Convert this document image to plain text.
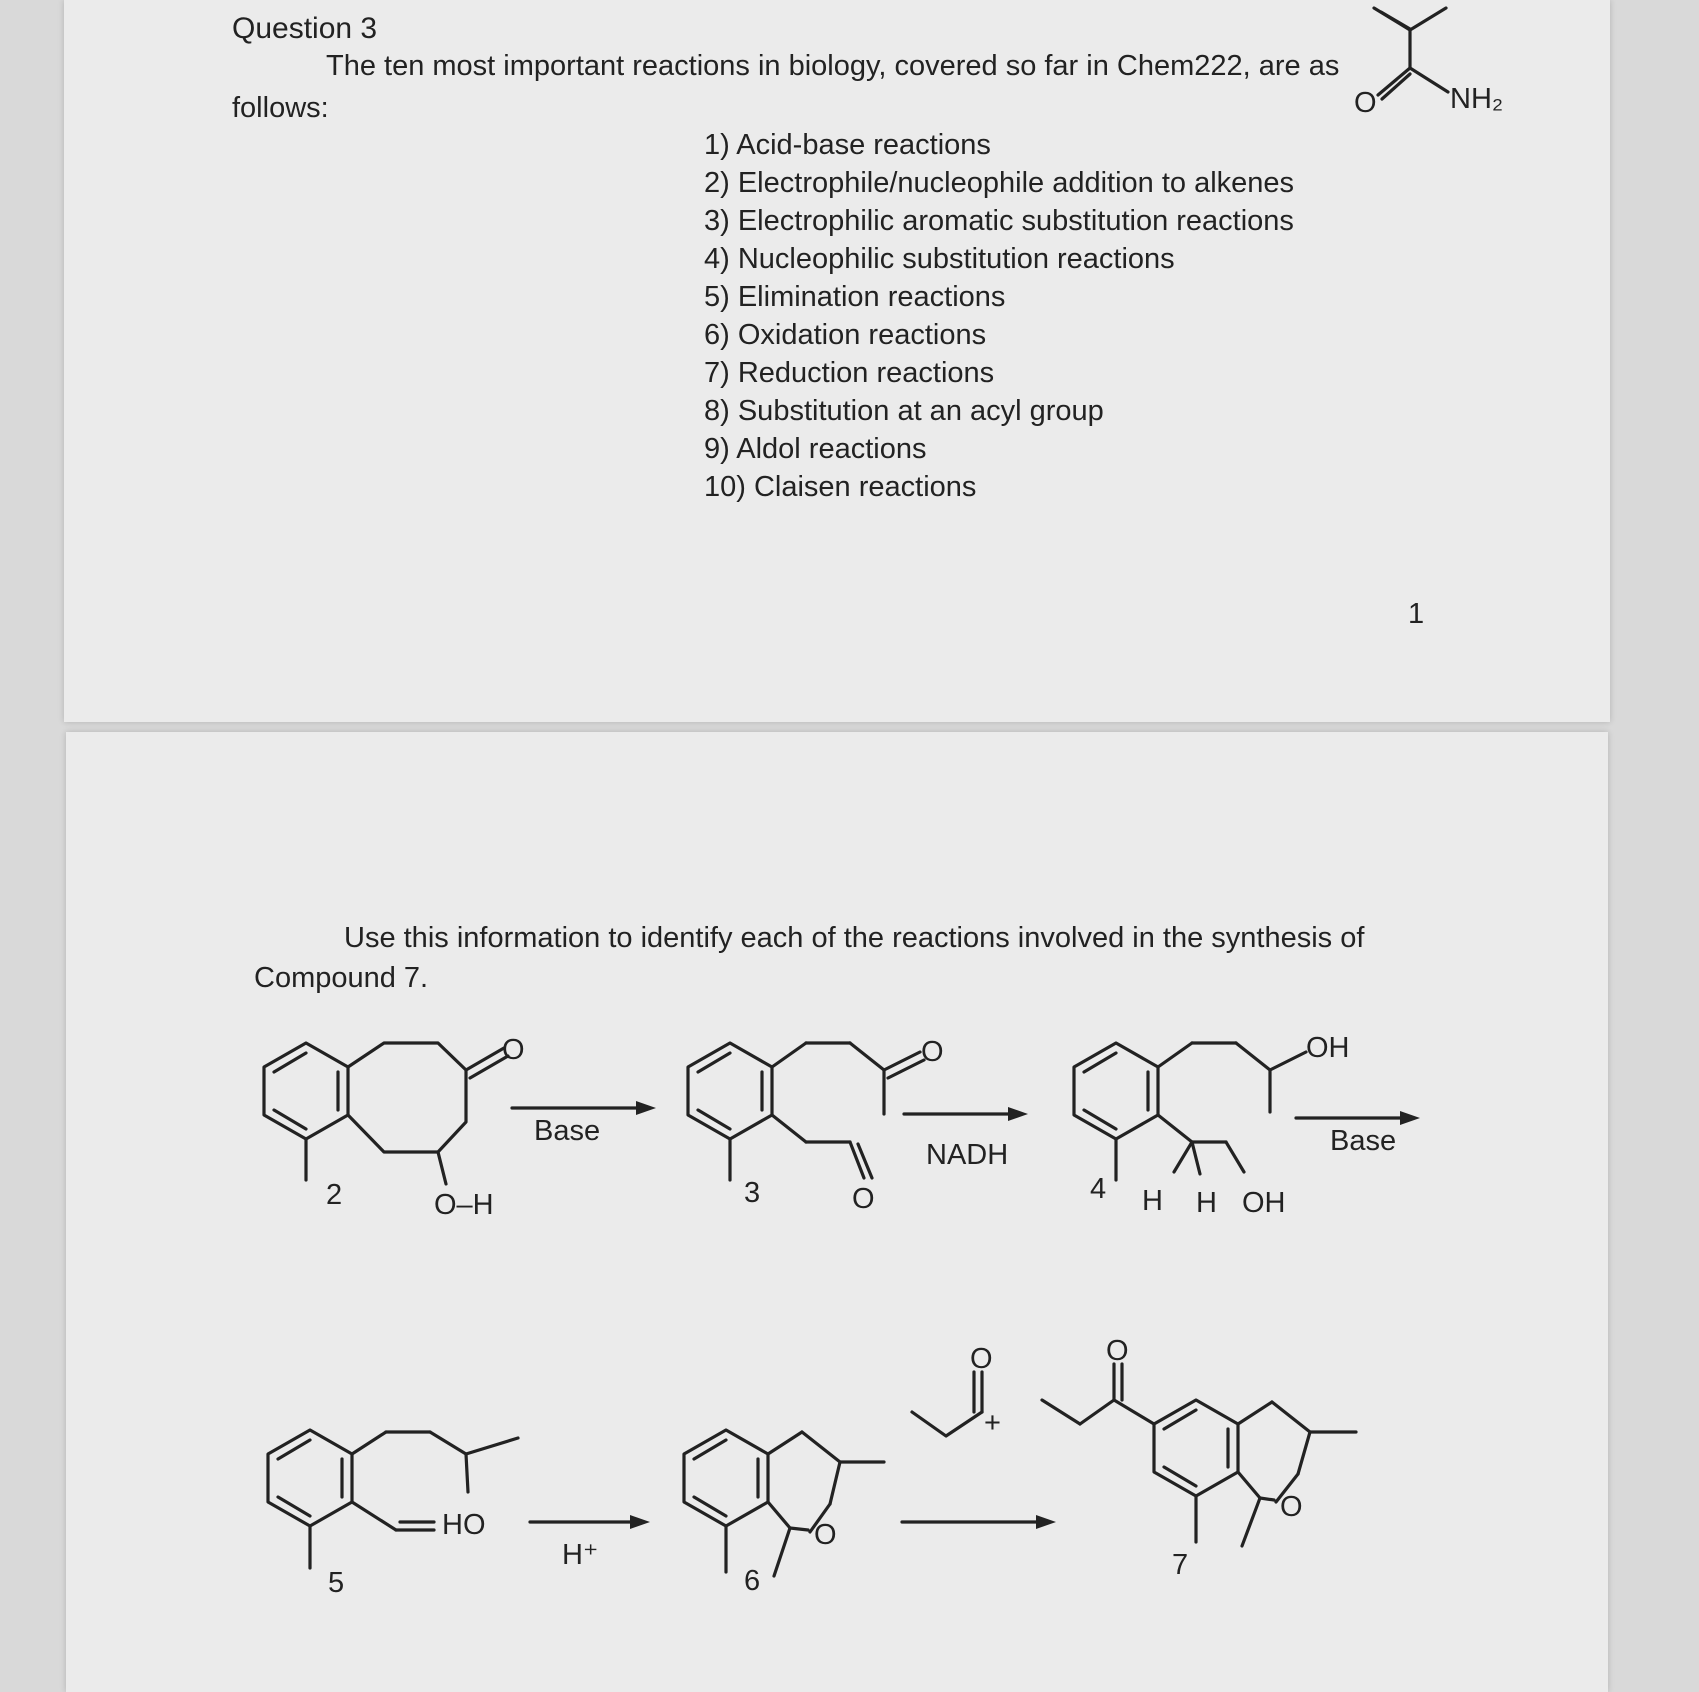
Question 3
The ten most important reactions in biology, covered so far in Chem222, are as
follows:
1) Acid-base reactions
2) Electrophile/nucleophile addition to alkenes
3) Electrophilic aromatic substitution reactions
4) Nucleophilic substitution reactions
5) Elimination reactions
6) Oxidation reactions
7) Reduction reactions
8) Substitution at an acyl group
9) Aldol reactions
10) Claisen reactions
O	NH₂
1
Use this information to identify each of the reactions involved in the synthesis of
Compound 7.
O
O–H
2
Base
O
O
3
NADH
OH
H H OH
4
Base
HO
5
H⁺
O
6
O
+
O
O
7
